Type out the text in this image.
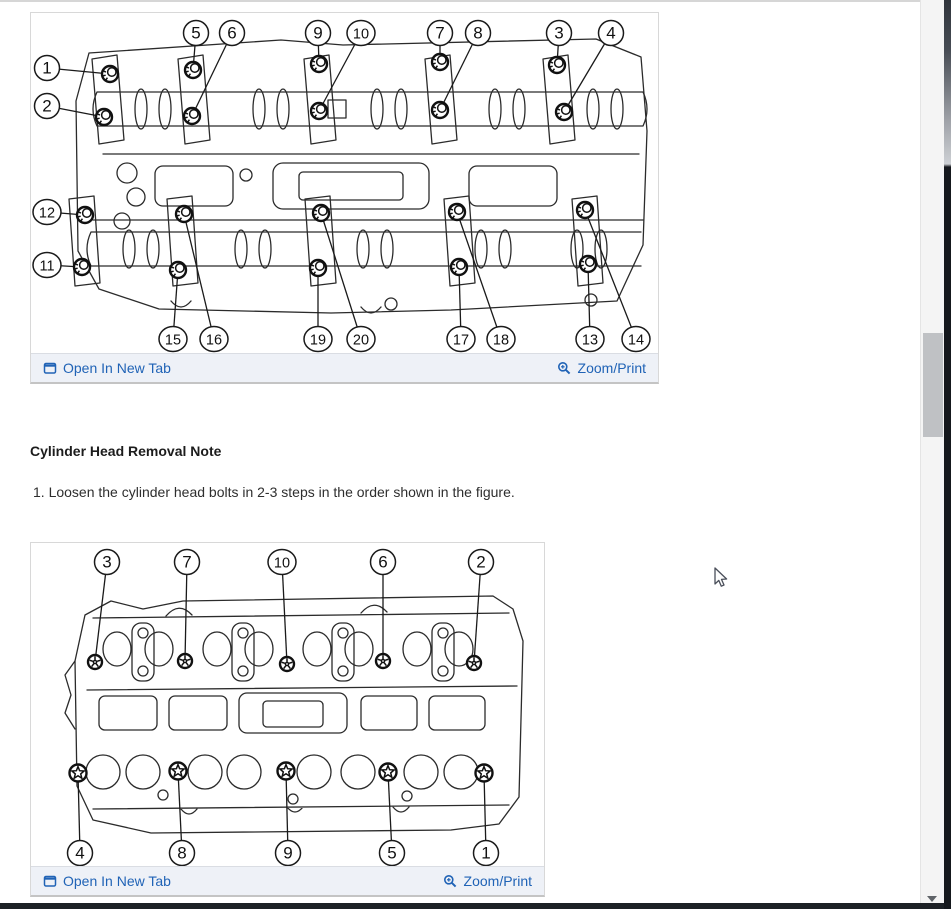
1
2
3	4
5 6	7 8
9 10
11
12
13 14
15 16	17 18
19 20
Open In New Tab	Zoom/Print
Cylinder Head Removal Note
1. Loosen the cylinder head bolts in 2-3 steps in the order shown in the figure.
3	7	10	6	2
4	8	9	5	1
Open In New Tab	Zoom/Print
